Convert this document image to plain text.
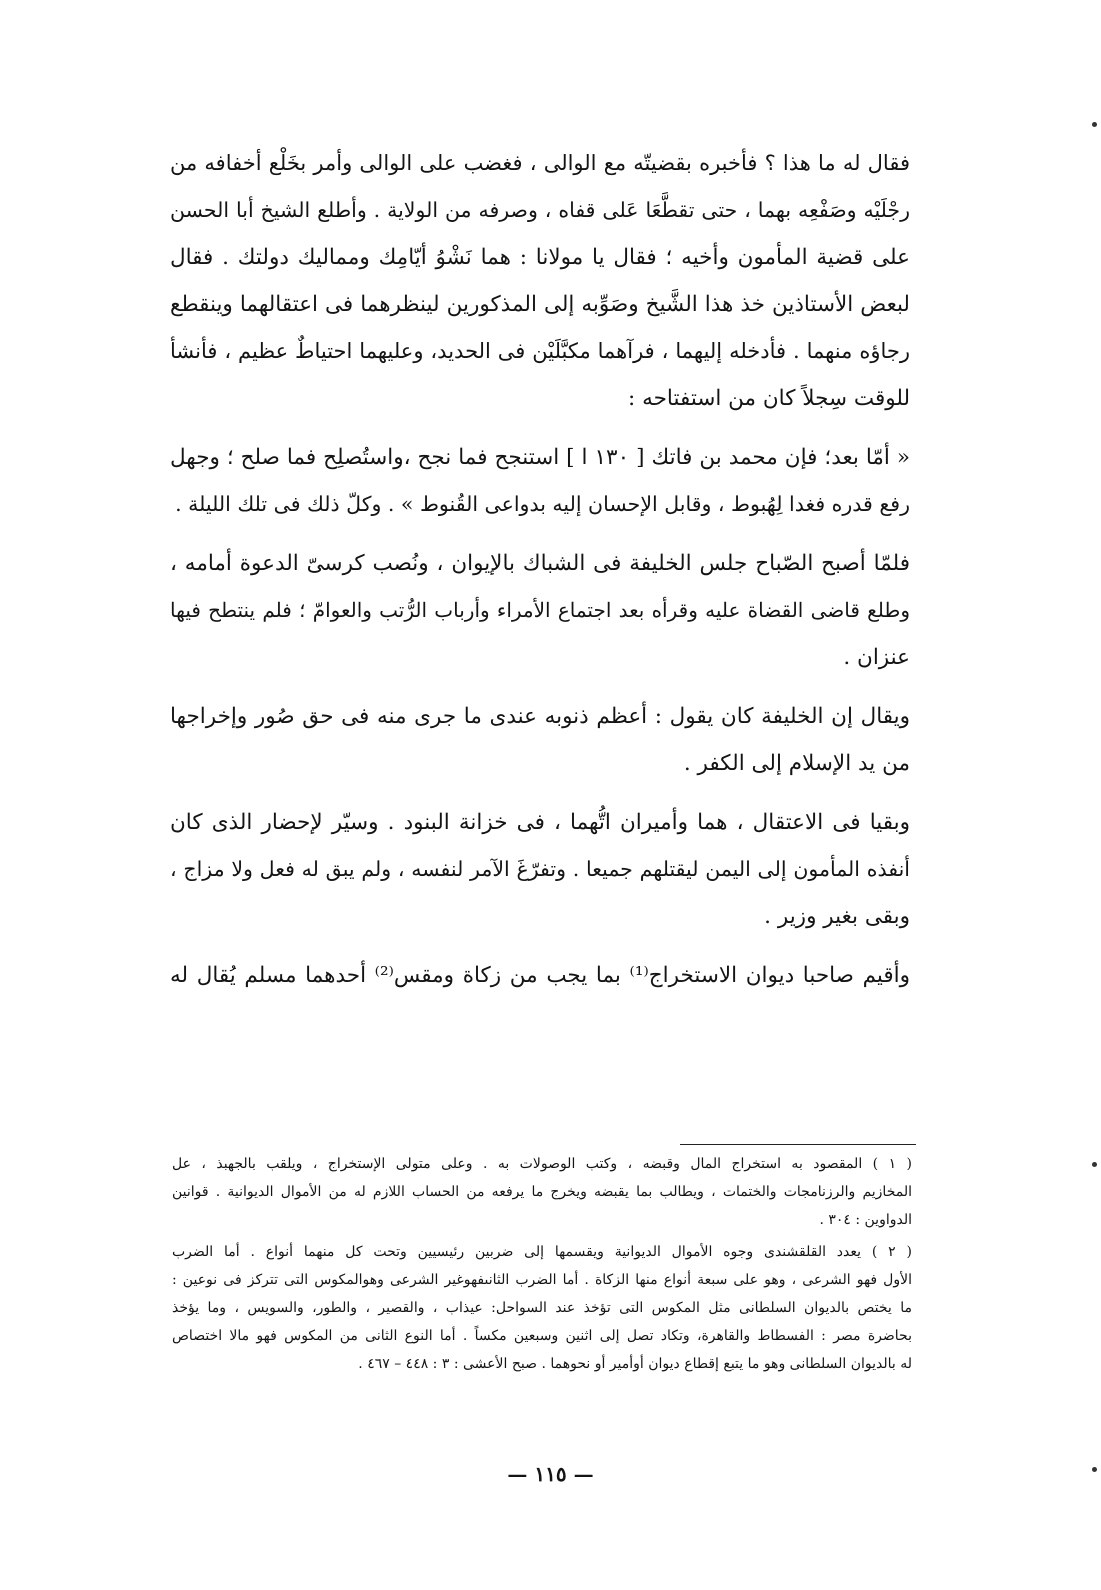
فقال له ما هذا ؟ فأخبره بقضيتّه مع الوالى ، فغضب على الوالى وأمر بخَلْع أخفافه من
رجْلَيْه وصَفْعِه بهما ، حتى تقطَّعَا عَلى قفاه ، وصرفه من الولاية . وأطلع الشيخ أبا الحسن
على قضية المأمون وأخيه ؛ فقال يا مولانا : هما نَشْوُ أيّامِك ومماليك دولتك . فقال
لبعض الأستاذين خذ هذا الشَّيخ وصَوِّبه إلى المذكورين لينظرهما فى اعتقالهما وينقطع
رجاؤه منهما . فأدخله إليهما ، فرآهما مكبَّلَيْن فى الحديد، وعليهما احتياطٌ عظيم ، فأنشأ
للوقت سِجلاً كان من استفتاحه :

« أمّا بعد؛ فإن محمد بن فاتك [ ١٣٠ ا ] استنجح فما نجح ،واستُصلِح فما صلح ؛ وجهل
رفع قدره فغدا لِهُبوط ، وقابل الإحسان إليه بدواعى القُنوط » . وكلّ ذلك فى تلك الليلة .

فلمّا أصبح الصّباح جلس الخليفة فى الشباك بالإيوان ، ونُصب كرسىّ الدعوة أمامه ،
وطلع قاضى القضاة عليه وقرأه بعد اجتماع الأمراء وأرباب الرُّتب والعوامّ ؛ فلم ينتطح فيها
عنزان .

ويقال إن الخليفة كان يقول : أعظم ذنوبه عندى ما جرى منه فى حق صُور وإخراجها
من يد الإسلام إلى الكفر .

وبقيا فى الاعتقال ، هما وأميران اتُّهما ، فى خزانة البنود . وسيّر لإحضار الذى كان
أنفذه المأمون إلى اليمن ليقتلهم جميعا . وتفرّغَ الآمر لنفسه ، ولم يبق له فعل ولا مزاج ،
وبقى بغير وزير .

وأقيم صاحبا ديوان الاستخراج⁽¹⁾ بما يجب من زكاة ومقس⁽²⁾ أحدهما مسلم يُقال له

( ١ ) المقصود به استخراج المال وقبضه ، وكتب الوصولات به . وعلى متولى الإستخراج ، ويلقب بالجهبذ ، عل
المخازيم والرزنامجات والختمات ، ويطالب بما يقبضه ويخرج ما يرفعه من الحساب اللازم له من الأموال الديوانية . قوانين
الدواوين : ٣٠٤ .
( ٢ ) يعدد القلقشندى وجوه الأموال الديوانية ويقسمها إلى ضربين رئيسيين وتحت كل منهما أنواع . أما الضرب
الأول فهو الشرعى ، وهو على سبعة أنواع منها الزكاة . أما الضرب الثانىفهوغير الشرعى وهوالمكوس التى تتركز فى نوعين :
ما يختص بالديوان السلطانى مثل المكوس التى تؤخذ عند السواحل: عيذاب ، والقصير ، والطور، والسويس ، وما يؤخذ
بحاضرة مصر : الفسطاط والقاهرة، وتكاد تصل إلى اثنين وسبعين مكساً . أما النوع الثانى من المكوس فهو مالا اختصاص
له بالديوان السلطانى وهو ما يتبع إقطاع ديوان أوأمير أو نحوهما . صبح الأعشى : ٣ : ٤٤٨ – ٤٦٧ .
— ١١٥ —
